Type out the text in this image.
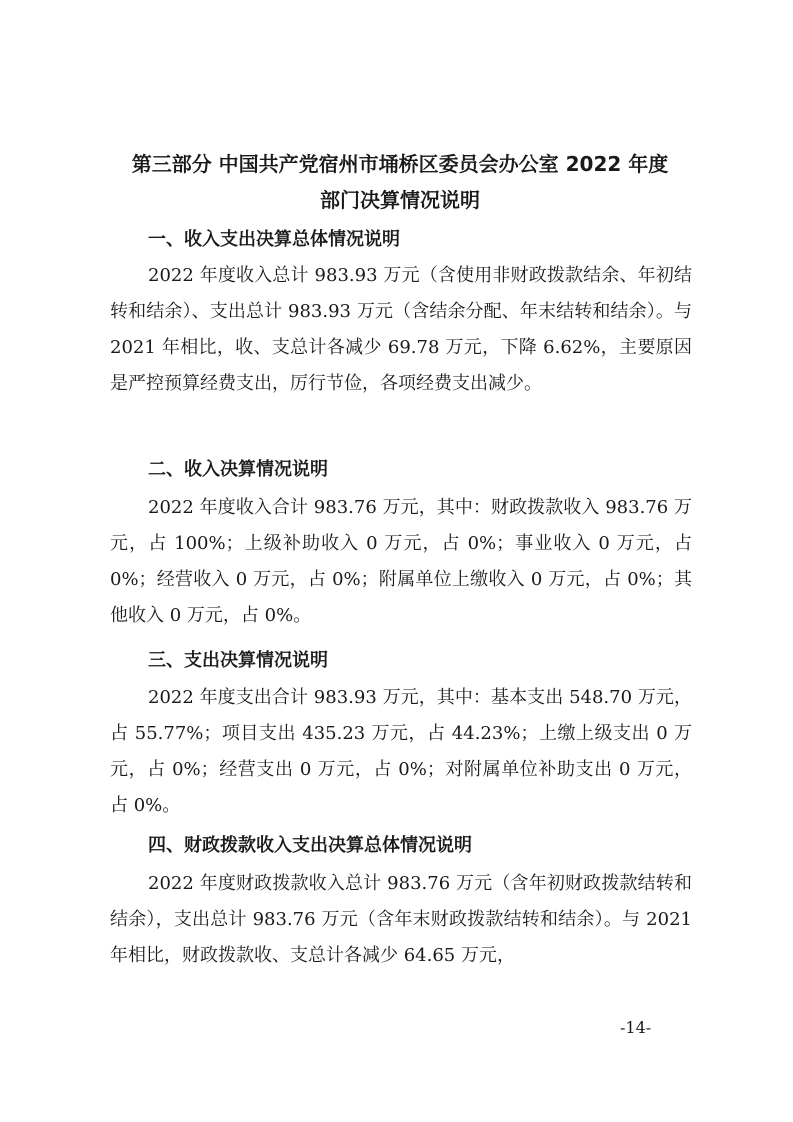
第三部分 中国共产党宿州市埇桥区委员会办公室 2022 年度
部门决算情况说明
一、收入支出决算总体情况说明

2022 年度收入总计 983.93 万元（含使用非财政拨款结余、年初结转和结余）、支出总计 983.93 万元（含结余分配、年末结转和结余）。与 2021 年相比，收、支总计各减少 69.78 万元，下降 6.62%，主要原因是严控预算经费支出，厉行节俭，各项经费支出减少。

二、收入决算情况说明

2022 年度收入合计 983.76 万元，其中：财政拨款收入 983.76 万元，占 100%；上级补助收入 0 万元，占 0%；事业收入 0 万元，占 0%；经营收入 0 万元，占 0%；附属单位上缴收入 0 万元，占 0%；其他收入 0 万元，占 0%。

三、支出决算情况说明

2022 年度支出合计 983.93 万元，其中：基本支出 548.70 万元，占 55.77%；项目支出 435.23 万元，占 44.23%；上缴上级支出 0 万元，占 0%；经营支出 0 万元，占 0%；对附属单位补助支出 0 万元，占 0%。

四、财政拨款收入支出决算总体情况说明

2022 年度财政拨款收入总计 983.76 万元（含年初财政拨款结转和结余），支出总计 983.76 万元（含年末财政拨款结转和结余）。与 2021 年相比，财政拨款收、支总计各减少 64.65 万元，

-14-
